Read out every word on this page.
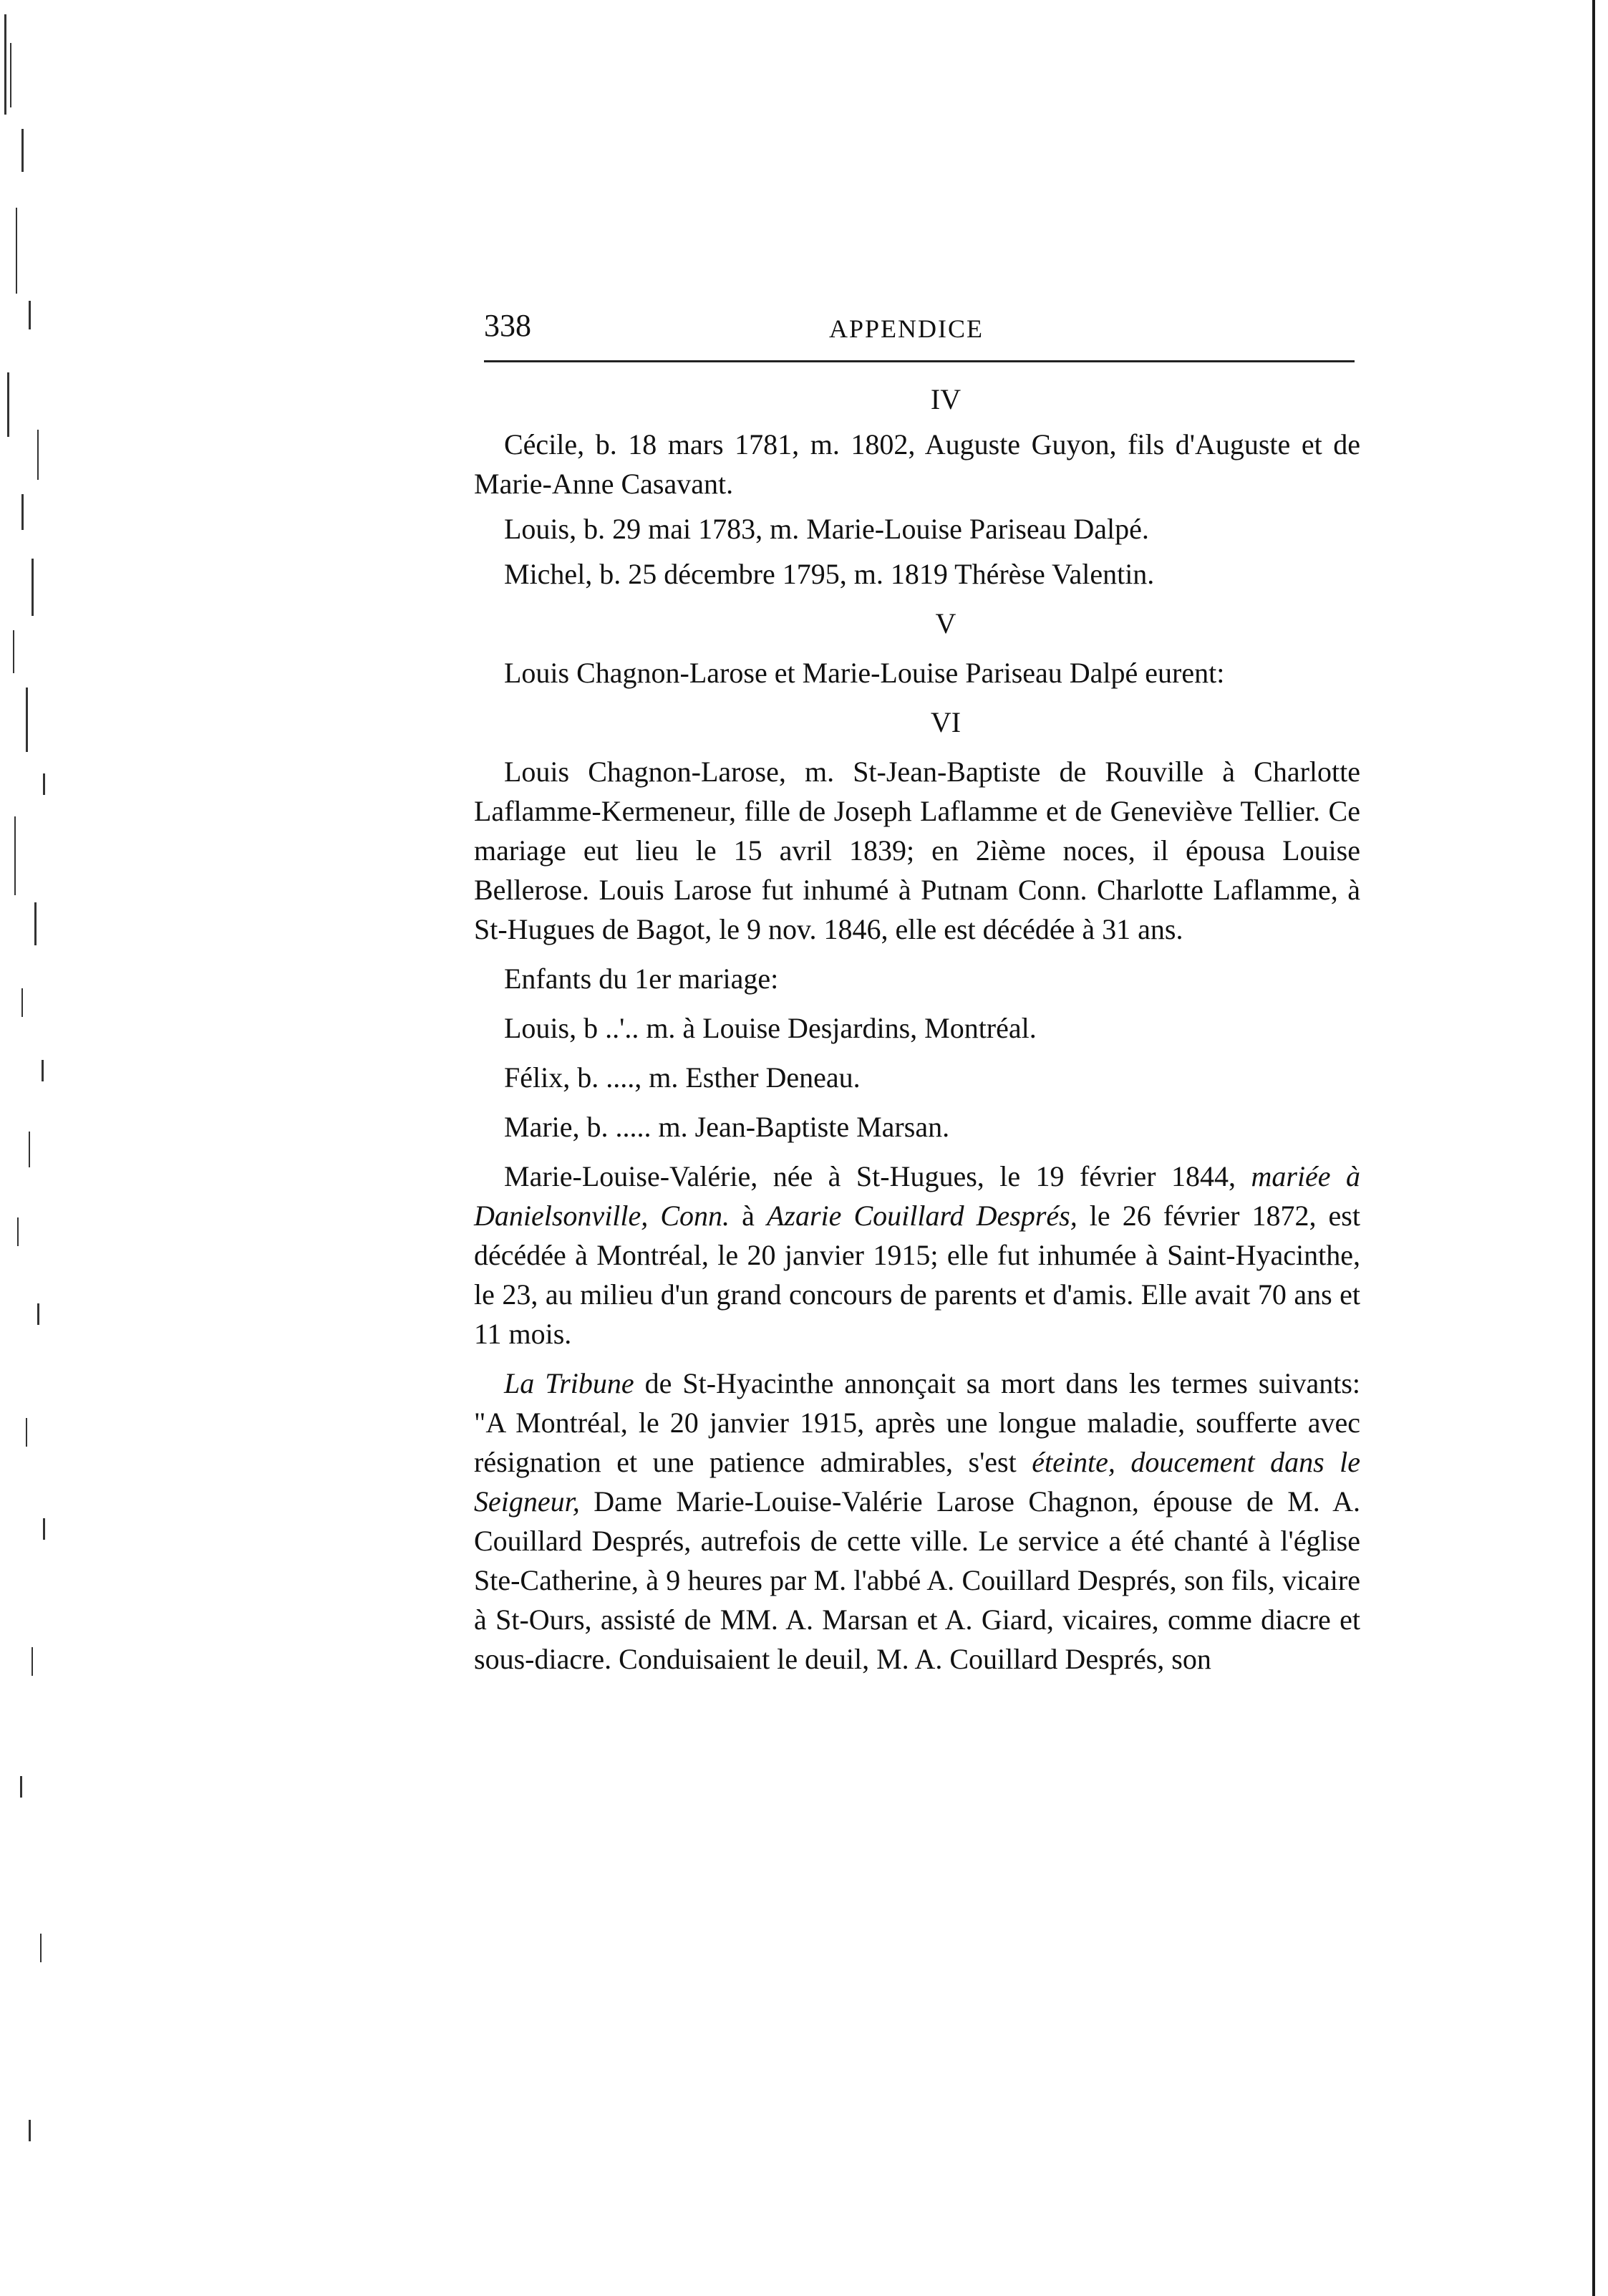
338	APPENDICE

IV

Cécile, b. 18 mars 1781, m. 1802, Auguste Guyon, fils d'Auguste et de Marie-Anne Casavant.

Louis, b. 29 mai 1783, m. Marie-Louise Pariseau Dalpé.

Michel, b. 25 décembre 1795, m. 1819 Thérèse Valentin.

V

Louis Chagnon-Larose et Marie-Louise Pariseau Dalpé eurent:

VI

Louis Chagnon-Larose, m. St-Jean-Baptiste de Rouville à Charlotte Laflamme-Kermeneur, fille de Joseph Laflamme et de Geneviève Tellier. Ce mariage eut lieu le 15 avril 1839; en 2ième noces, il épousa Louise Bellerose. Louis Larose fut inhumé à Putnam Conn. Charlotte Laflamme, à St-Hugues de Bagot, le 9 nov. 1846, elle est décédée à 31 ans.

Enfants du 1er mariage:

Louis, b ..'.. m. à Louise Desjardins, Montréal.

Félix, b. ...., m. Esther Deneau.

Marie, b. ..... m. Jean-Baptiste Marsan.

Marie-Louise-Valérie, née à St-Hugues, le 19 février 1844, mariée à Danielsonville, Conn. à Azarie Couillard Després, le 26 février 1872, est décédée à Montréal, le 20 janvier 1915; elle fut inhumée à Saint-Hyacinthe, le 23, au milieu d'un grand concours de parents et d'amis. Elle avait 70 ans et 11 mois.

La Tribune de St-Hyacinthe annonçait sa mort dans les termes suivants: "A Montréal, le 20 janvier 1915, après une longue maladie, soufferte avec résignation et une patience admirables, s'est éteinte, doucement dans le Seigneur, Dame Marie-Louise-Valérie Larose Chagnon, épouse de M. A. Couillard Després, autrefois de cette ville. Le service a été chanté à l'église Ste-Catherine, à 9 heures par M. l'abbé A. Couillard Després, son fils, vicaire à St-Ours, assisté de MM. A. Marsan et A. Giard, vicaires, comme diacre et sous-diacre. Conduisaient le deuil, M. A. Couillard Després, son
